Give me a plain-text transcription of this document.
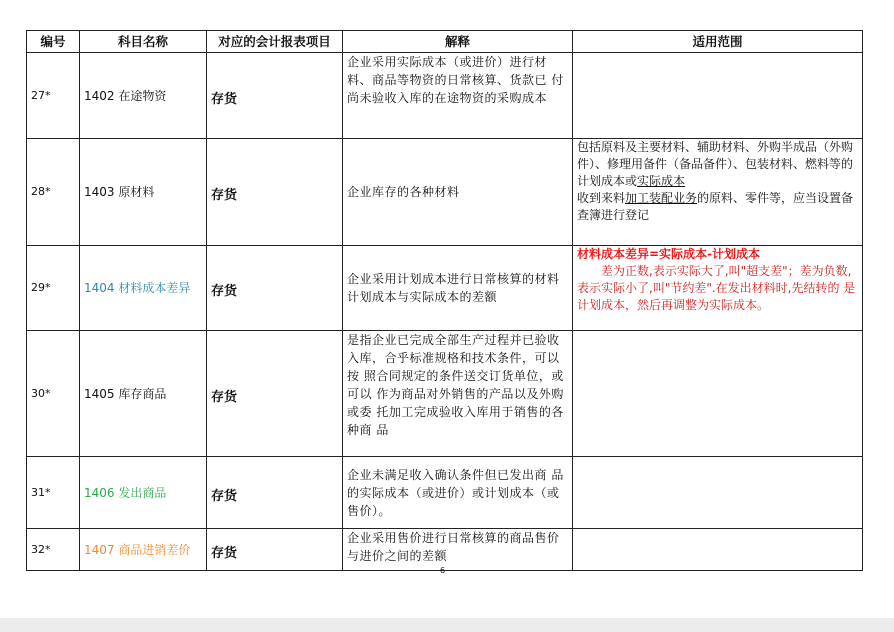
编号	科目名称	对应的会计报表项目	解释	适用范围
27*	1402 在途物资	存货	企业采用实际成本（或进价）进行材料、商品等物资的日常核算、货款已 付尚未验收入库的在途物资的采购成本	
28*	1403 原材料	存货	企业库存的各种材料	包括原料及主要材料、辅助材料、外购半成品（外购
件）、修理用备件（备品备件）、包装材料、燃料等的 计划成本或实际成本
收到来料加工装配业务的原料、零件等，应当设置备 查簿进行登记

29*	1404 材料成本差异	存货	企业采用计划成本进行日常核算的材料计划成本与实际成本的差额	材料成本差异=实际成本-计划成本
差为正数,表示实际大了,叫"超支差"；差为负数,表示实际小了,叫"节约差".在发出材料时,先结转的 是计划成本，然后再调整为实际成本。

30*	1405 库存商品	存货	是指企业已完成全部生产过程并已验收入库，合乎标准规格和技术条件，可以按 照合同规定的条件送交订货单位，或可以 作为商品对外销售的产品以及外购或委 托加工完成验收入库用于销售的各种商 品	
31*	1406 发出商品	存货	企业未满足收入确认条件但已发出商 品的实际成本（或进价）或计划成本（或售价）。	
32*	1407 商品进销差价	存货	企业采用售价进行日常核算的商品售价与进价之间的差额	
6
